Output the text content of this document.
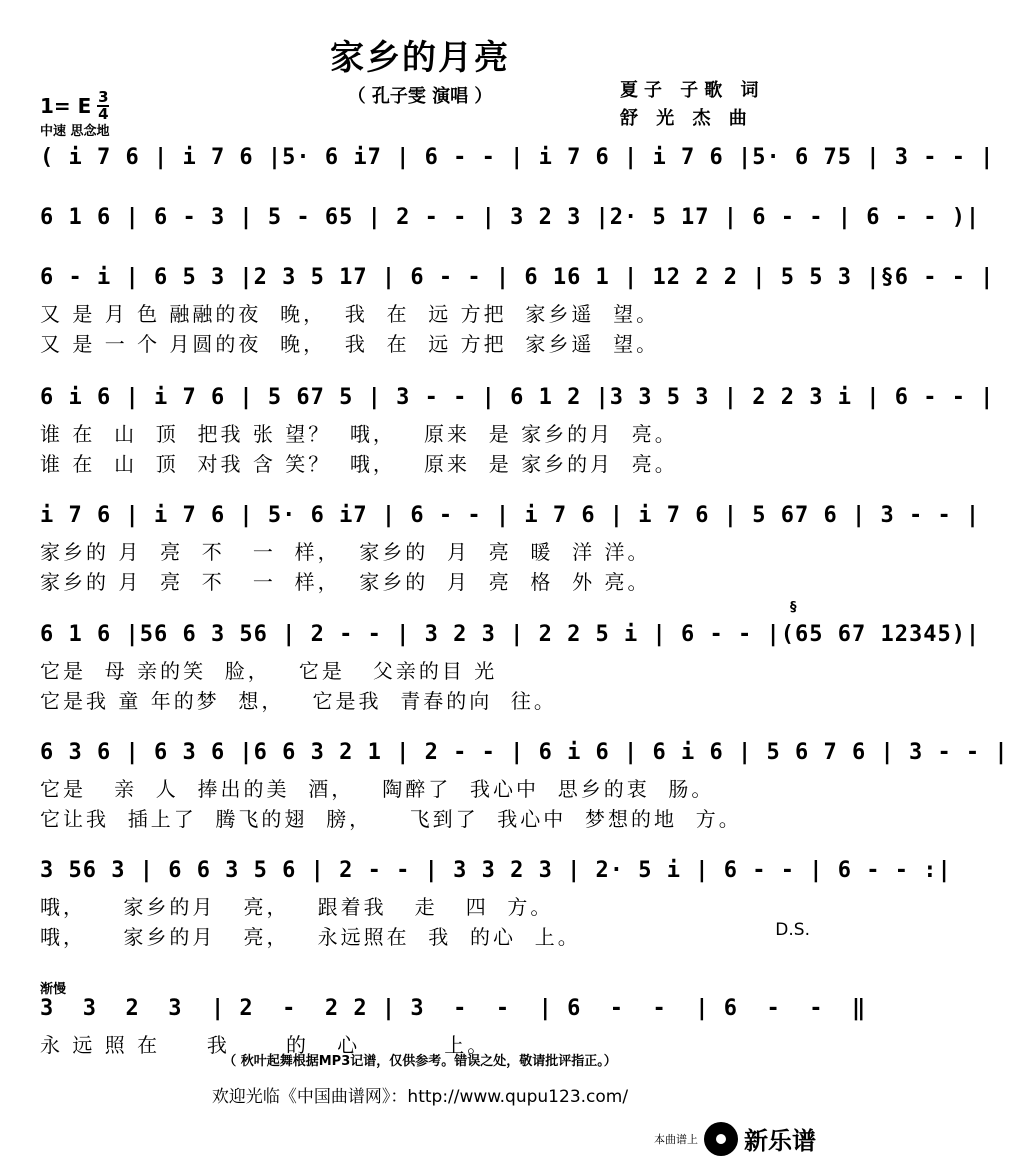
家乡的月亮
（ 孔子雯 演唱 ）	夏子 子歌 词
舒 光 杰 曲
1= E $\frac{3}{4}$
中速 思念地
( i 7 6 | i 7 6 |5· 6 i7 | 6 - - | i 7 6 | i 7 6 |5· 6 75 | 3 - - |
6 1 6 | 6 - 3 | 5 - 65 | 2 - - | 3 2 3 |2· 5 17 | 6 - - | 6 - - )|
6 - i | 6 5 3 |2 3 5 17 | 6 - - | 6 16 1 | 12 2 2 | 5 5 3 |§6 - - |
又 是 月 色 融融的夜  晚，  我  在  远 方把  家乡遥  望。
又 是 一 个 月圆的夜  晚，  我  在  远 方把  家乡遥  望。
6 i 6 | i 7 6 | 5 67 5 | 3 - - | 6 1 2 |3 3 5 3 | 2 2 3 i | 6 - - |
谁 在  山  顶  把我 张 望？  哦，   原来  是 家乡的月  亮。
谁 在  山  顶  对我 含 笑？  哦，   原来  是 家乡的月  亮。
i 7 6 | i 7 6 | 5· 6 i7 | 6 - - | i 7 6 | i 7 6 | 5 67 6 | 3 - - |
家乡的 月  亮  不   一  样，  家乡的  月  亮  暖  洋 洋。
家乡的 月  亮  不   一  样，  家乡的  月  亮  格  外 亮。
6 1 6 |56 6 3 56 | 2 - - | 3 2 3 | 2 2 5 i | 6 - - |(65 67 12345)|
它是  母 亲的笑  脸，   它是   父亲的目 光
它是我 童 年的梦  想，   它是我  青春的向  往。
§
6 3 6 | 6 3 6 |6 6 3 2 1 | 2 - - | 6 i 6 | 6 i 6 | 5 6 7 6 | 3 - - |
它是   亲  人  捧出的美  酒，   陶醉了  我心中  思乡的衷  肠。
它让我  插上了  腾飞的翅  膀，    飞到了  我心中  梦想的地  方。
3 56 3 | 6 6 3 5 6 | 2 - - | 3 3 2 3 | 2· 5 i | 6 - - | 6 - - :|
哦，    家乡的月   亮，   跟着我   走   四  方。
哦，    家乡的月   亮，   永远照在  我  的心  上。	D.S.
渐慢
3  3  2  3  | 2  -  2 2 | 3  -  -  | 6  -  -  | 6  -  -  ‖
永 远 照 在     我      的   心         上。
（ 秋叶起舞根据MP3记谱，仅供参考。错误之处，敬请批评指正。）
欢迎光临《中国曲谱网》：http://www.qupu123.com/
本曲谱上 新乐谱
